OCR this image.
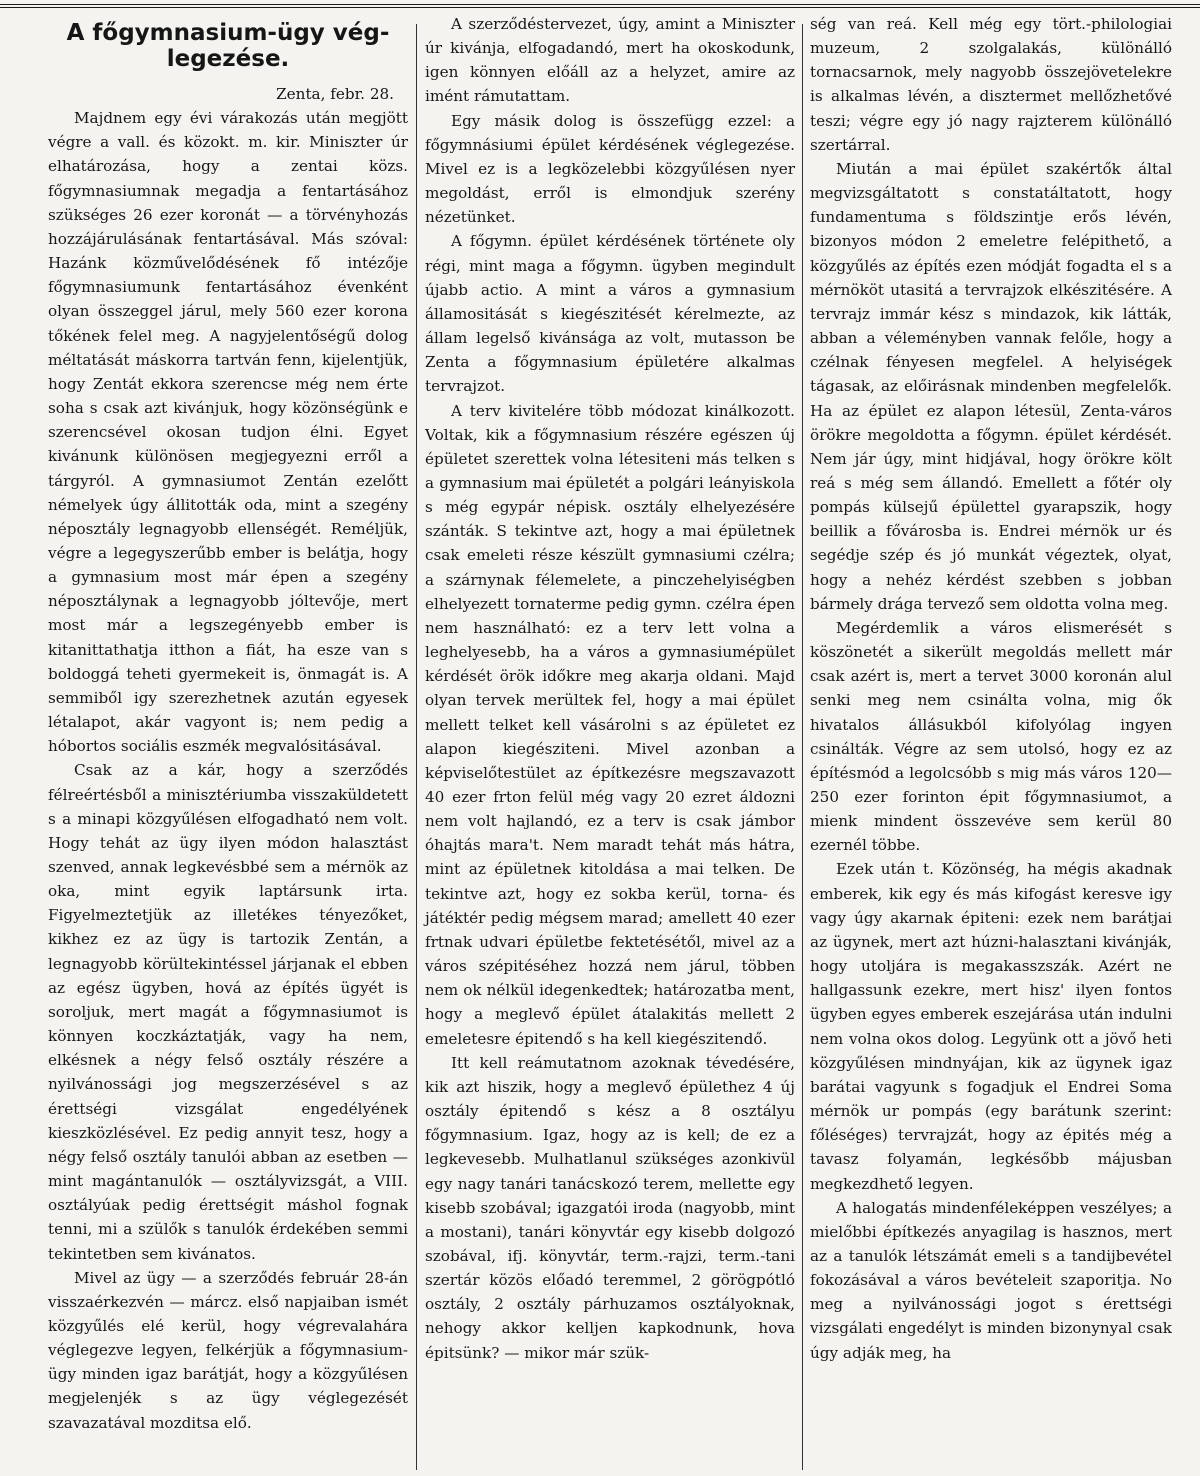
A főgymnasium-ügy vég-
legezése.

Zenta, febr. 28.

Majdnem egy évi várakozás után megjött végre a vall. és közokt. m. kir. Miniszter úr elhatározása, hogy a zentai közs. főgymnasiumnak megadja a fentartásához szükséges 26 ezer koronát — a törvényhozás hozzájárulásának fentartásával. Más szóval: Hazánk közművelődésének fő intézője főgymnasiumunk fentartásához évenként olyan összeggel járul, mely 560 ezer korona tőkének felel meg. A nagyjelentőségű dolog méltatását máskorra tartván fenn, kijelentjük, hogy Zentát ekkora szerencse még nem érte soha s csak azt kivánjuk, hogy közönségünk e szerencsével okosan tudjon élni. Egyet kivánunk különösen megjegyezni erről a tárgyról. A gymnasiumot Zentán ezelőtt némelyek úgy állitották oda, mint a szegény néposztály legnagyobb ellenségét. Reméljük, végre a legegyszerűbb ember is belátja, hogy a gymnasium most már épen a szegény néposztálynak a legnagyobb jóltevője, mert most már a legszegényebb ember is kitanittathatja itthon a fiát, ha esze van s boldoggá teheti gyermekeit is, önmagát is. A semmiből igy szerezhetnek azután egyesek létalapot, akár vagyont is; nem pedig a hóbortos sociális eszmék megvalósitásával.

Csak az a kár, hogy a szerződés félreértésből a minisztériumba visszaküldetett s a minapi közgyűlésen elfogadható nem volt. Hogy tehát az ügy ilyen módon halasztást szenved, annak legkevésbbé sem a mérnök az oka, mint egyik laptársunk irta. Figyelmeztetjük az illetékes tényezőket, kikhez ez az ügy is tartozik Zentán, a legnagyobb körültekintéssel járjanak el ebben az egész ügyben, hová az építés ügyét is soroljuk, mert magát a főgymnasiumot is könnyen koczkáztatják, vagy ha nem, elkésnek a négy felső osztály részére a nyilvánossági jog megszerzésével s az érettségi vizsgálat engedélyének kieszközlésével. Ez pedig annyit tesz, hogy a négy felső osztály tanulói abban az esetben — mint magántanulók — osztályvizsgát, a VIII. osztályúak pedig érettségit máshol fognak tenni, mi a szülők s tanulók érdekében semmi tekintetben sem kivánatos.

Mivel az ügy — a szerződés február 28-án visszaérkezvén — márcz. első napjaiban ismét közgyűlés elé kerül, hogy végrevalahára véglegezve legyen, felkérjük a főgymnasium-ügy minden igaz barátját, hogy a közgyűlésen megjelenjék s az ügy véglegezését szavazatával mozditsa elő.

A szerződéstervezet, úgy, amint a Miniszter úr kivánja, elfogadandó, mert ha okoskodunk, igen könnyen előáll az a helyzet, amire az imént rámutattam.

Egy másik dolog is összefügg ezzel: a főgymnásiumi épület kérdésének véglegezése. Mivel ez is a legközelebbi közgyűlésen nyer megoldást, erről is elmondjuk szerény nézetünket.

A főgymn. épület kérdésének története oly régi, mint maga a főgymn. ügyben megindult újabb actio. A mint a város a gymnasium államositását s kiegészitését kérelmezte, az állam legelső kivánsága az volt, mutasson be Zenta a főgymnasium épületére alkalmas tervrajzot.

A terv kivitelére több módozat kinálkozott. Voltak, kik a főgymnasium részére egészen új épületet szerettek volna létesiteni más telken s a gymnasium mai épületét a polgári leányiskola s még egypár népisk. osztály elhelyezésére szánták. S tekintve azt, hogy a mai épületnek csak emeleti része készült gymnasiumi czélra; a szárnynak félemelete, a pinczehelyiségben elhelyezett tornaterme pedig gymn. czélra épen nem használható: ez a terv lett volna a leghelyesebb, ha a város a gymnasiumépület kérdését örök időkre meg akarja oldani. Majd olyan tervek merültek fel, hogy a mai épület mellett telket kell vásárolni s az épületet ez alapon kiegésziteni. Mivel azonban a képviselőtestület az építkezésre megszavazott 40 ezer frton felül még vagy 20 ezret áldozni nem volt hajlandó, ez a terv is csak jámbor óhajtás mara't. Nem maradt tehát más hátra, mint az épületnek kitoldása a mai telken. De tekintve azt, hogy ez sokba kerül, torna- és játéktér pedig mégsem marad; amellett 40 ezer frtnak udvari épületbe fektetésétől, mivel az a város szépitéséhez hozzá nem járul, többen nem ok nélkül idegenkedtek; határozatba ment, hogy a meglevő épület átalakitás mellett 2 emeletesre épitendő s ha kell kiegészitendő.

Itt kell reámutatnom azoknak tévedésére, kik azt hiszik, hogy a meglevő épülethez 4 új osztály épitendő s kész a 8 osztályu főgymnasium. Igaz, hogy az is kell; de ez a legkevesebb. Mulhatlanul szükséges azonkivül egy nagy tanári tanácskozó terem, mellette egy kisebb szobával; igazgatói iroda (nagyobb, mint a mostani), tanári könyvtár egy kisebb dolgozó szobával, ifj. könyvtár, term.-rajzi, term.-tani szertár közös előadó teremmel, 2 görögpótló osztály, 2 osztály párhuzamos osztályoknak, nehogy akkor kelljen kapkodnunk, hova épitsünk? — mikor már szük-

ség van reá. Kell még egy tört.-philologiai muzeum, 2 szolgalakás, különálló tornacsarnok, mely nagyobb összejövetelekre is alkalmas lévén, a disztermet mellőzhetővé teszi; végre egy jó nagy rajzterem különálló szertárral.

Miután a mai épület szakértők által megvizsgáltatott s constatáltatott, hogy fundamentuma s földszintje erős lévén, bizonyos módon 2 emeletre felépithető, a közgyűlés az építés ezen módját fogadta el s a mérnököt utasitá a tervrajzok elkészitésére. A tervrajz immár kész s mindazok, kik látták, abban a véleményben vannak felőle, hogy a czélnak fényesen megfelel. A helyiségek tágasak, az előirásnak mindenben megfelelők. Ha az épület ez alapon létesül, Zenta-város örökre megoldotta a főgymn. épület kérdését. Nem jár úgy, mint hidjával, hogy örökre költ reá s még sem állandó. Emellett a főtér oly pompás külsejű épülettel gyarapszik, hogy beillik a fővárosba is. Endrei mérnök ur és segédje szép és jó munkát végeztek, olyat, hogy a nehéz kérdést szebben s jobban bármely drága tervező sem oldotta volna meg.

Megérdemlik a város elismerését s köszönetét a sikerült megoldás mellett már csak azért is, mert a tervet 3000 koronán alul senki meg nem csinálta volna, mig ők hivatalos állásukból kifolyólag ingyen csinálták. Végre az sem utolsó, hogy ez az építésmód a legolcsóbb s mig más város 120—250 ezer forinton épit főgymnasiumot, a mienk mindent összevéve sem kerül 80 ezernél többe.

Ezek után t. Közönség, ha mégis akadnak emberek, kik egy és más kifogást keresve igy vagy úgy akarnak épiteni: ezek nem barátjai az ügynek, mert azt húzni-halasztani kivánják, hogy utoljára is megakasszszák. Azért ne hallgassunk ezekre, mert hisz' ilyen fontos ügyben egyes emberek eszejárása után indulni nem volna okos dolog. Legyünk ott a jövő heti közgyűlésen mindnyájan, kik az ügynek igaz barátai vagyunk s fogadjuk el Endrei Soma mérnök ur pompás (egy barátunk szerint: főléséges) tervrajzát, hogy az épités még a tavasz folyamán, legkésőbb májusban megkezdhető legyen.

A halogatás mindenféleképpen veszélyes; a mielőbbi építkezés anyagilag is hasznos, mert az a tanulók létszámát emeli s a tandijbevétel fokozásával a város bevételeit szaporitja. No meg a nyilvánossági jogot s érettségi vizsgálati engedélyt is minden bizonynyal csak úgy adják meg, ha
